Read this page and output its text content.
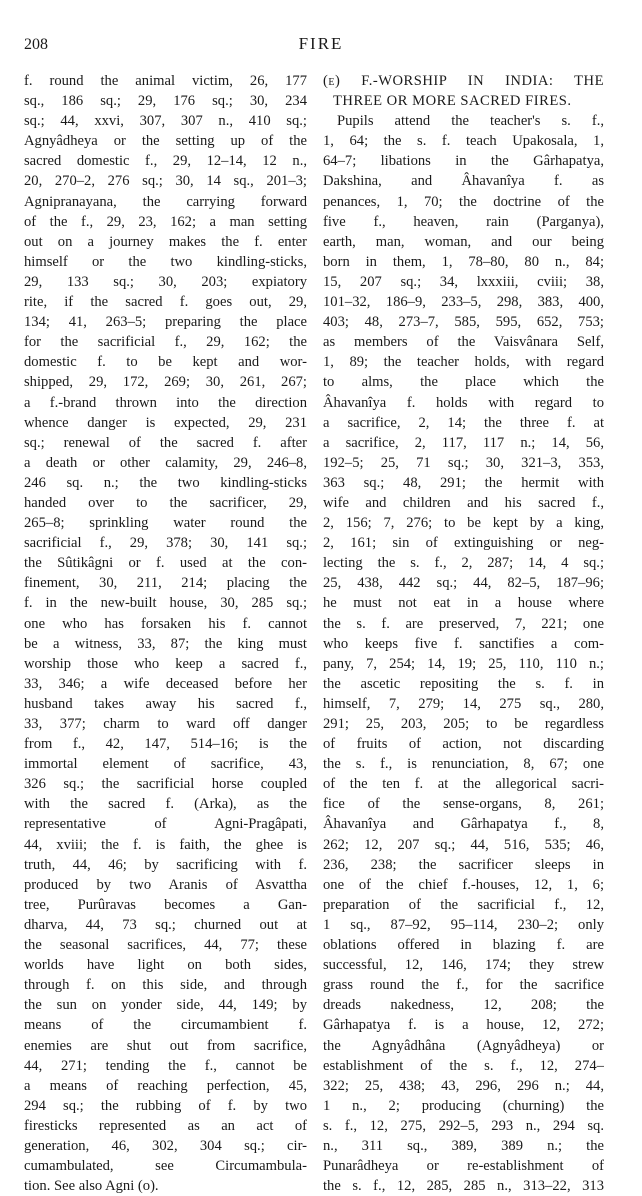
208	FIRE
f. round the animal victim, 26, 177
sq., 186 sq.; 29, 176 sq.; 30, 234
sq.; 44, xxvi, 307, 307 n., 410 sq.;
Agnyâdheya or the setting up of the
sacred domestic f., 29, 12–14, 12 n.,
20, 270–2, 276 sq.; 30, 14 sq., 201–3;
Agnipranayana, the carrying forward
of the f., 29, 23, 162; a man setting
out on a journey makes the f. enter
himself or the two kindling-sticks,
29, 133 sq.; 30, 203; expiatory
rite, if the sacred f. goes out, 29,
134; 41, 263–5; preparing the place
for the sacrificial f., 29, 162; the
domestic f. to be kept and wor-
shipped, 29, 172, 269; 30, 261, 267;
a f.-brand thrown into the direction
whence danger is expected, 29, 231
sq.; renewal of the sacred f. after
a death or other calamity, 29, 246–8,
246 sq. n.; the two kindling-sticks
handed over to the sacrificer, 29,
265–8; sprinkling water round the
sacrificial f., 29, 378; 30, 141 sq.;
the Sûtikâgni or f. used at the con-
finement, 30, 211, 214; placing the
f. in the new-built house, 30, 285 sq.;
one who has forsaken his f. cannot
be a witness, 33, 87; the king must
worship those who keep a sacred f.,
33, 346; a wife deceased before her
husband takes away his sacred f.,
33, 377; charm to ward off danger
from f., 42, 147, 514–16; is the
immortal element of sacrifice, 43,
326 sq.; the sacrificial horse coupled
with the sacred f. (Arka), as the
representative of Agni-Pragâpati,
44, xviii; the f. is faith, the ghee is
truth, 44, 46; by sacrificing with f.
produced by two Aranis of Asvattha
tree, Purûravas becomes a Gan-
dharva, 44, 73 sq.; churned out at
the seasonal sacrifices, 44, 77; these
worlds have light on both sides,
through f. on this side, and through
the sun on yonder side, 44, 149; by
means of the circumambient f.
enemies are shut out from sacrifice,
44, 271; tending the f., cannot be
a means of reaching perfection, 45,
294 sq.; the rubbing of f. by two
firesticks represented as an act of
generation, 46, 302, 304 sq.; cir-
cumambulated, see Circumambula-
tion. See also Agni (o).
(e) F.-WORSHIP IN INDIA: THE
THREE OR MORE SACRED FIRES.
Pupils attend the teacher's s. f.,
1, 64; the s. f. teach Upakosala, 1,
64–7; libations in the Gârhapatya,
Dakshina, and Âhavanîya f. as
penances, 1, 70; the doctrine of the
five f., heaven, rain (Parganya),
earth, man, woman, and our being
born in them, 1, 78–80, 80 n., 84;
15, 207 sq.; 34, lxxxiii, cviii; 38,
101–32, 186–9, 233–5, 298, 383, 400,
403; 48, 273–7, 585, 595, 652, 753;
as members of the Vaisvânara Self,
1, 89; the teacher holds, with regard
to alms, the place which the
Âhavanîya f. holds with regard to
a sacrifice, 2, 14; the three f. at
a sacrifice, 2, 117, 117 n.; 14, 56,
192–5; 25, 71 sq.; 30, 321–3, 353,
363 sq.; 48, 291; the hermit with
wife and children and his sacred f.,
2, 156; 7, 276; to be kept by a king,
2, 161; sin of extinguishing or neg-
lecting the s. f., 2, 287; 14, 4 sq.;
25, 438, 442 sq.; 44, 82–5, 187–96;
he must not eat in a house where
the s. f. are preserved, 7, 221; one
who keeps five f. sanctifies a com-
pany, 7, 254; 14, 19; 25, 110, 110 n.;
the ascetic repositing the s. f. in
himself, 7, 279; 14, 275 sq., 280,
291; 25, 203, 205; to be regardless
of fruits of action, not discarding
the s. f., is renunciation, 8, 67; one
of the ten f. at the allegorical sacri-
fice of the sense-organs, 8, 261;
Âhavanîya and Gârhapatya f., 8,
262; 12, 207 sq.; 44, 516, 535; 46,
236, 238; the sacrificer sleeps in
one of the chief f.-houses, 12, 1, 6;
preparation of the sacrificial f., 12,
1 sq., 87–92, 95–114, 230–2; only
oblations offered in blazing f. are
successful, 12, 146, 174; they strew
grass round the f., for the sacrifice
dreads nakedness, 12, 208; the
Gârhapatya f. is a house, 12, 272;
the Agnyâdhâna (Agnyâdheya) or
establishment of the s. f., 12, 274–
322; 25, 438; 43, 296, 296 n.; 44,
1 n., 2; producing (churning) the
s. f., 12, 275, 292–5, 293 n., 294 sq.
n., 311 sq., 389, 389 n.; the
Punarâdheya or re-establishment of
the s. f., 12, 285, 285 n., 313–22, 313
